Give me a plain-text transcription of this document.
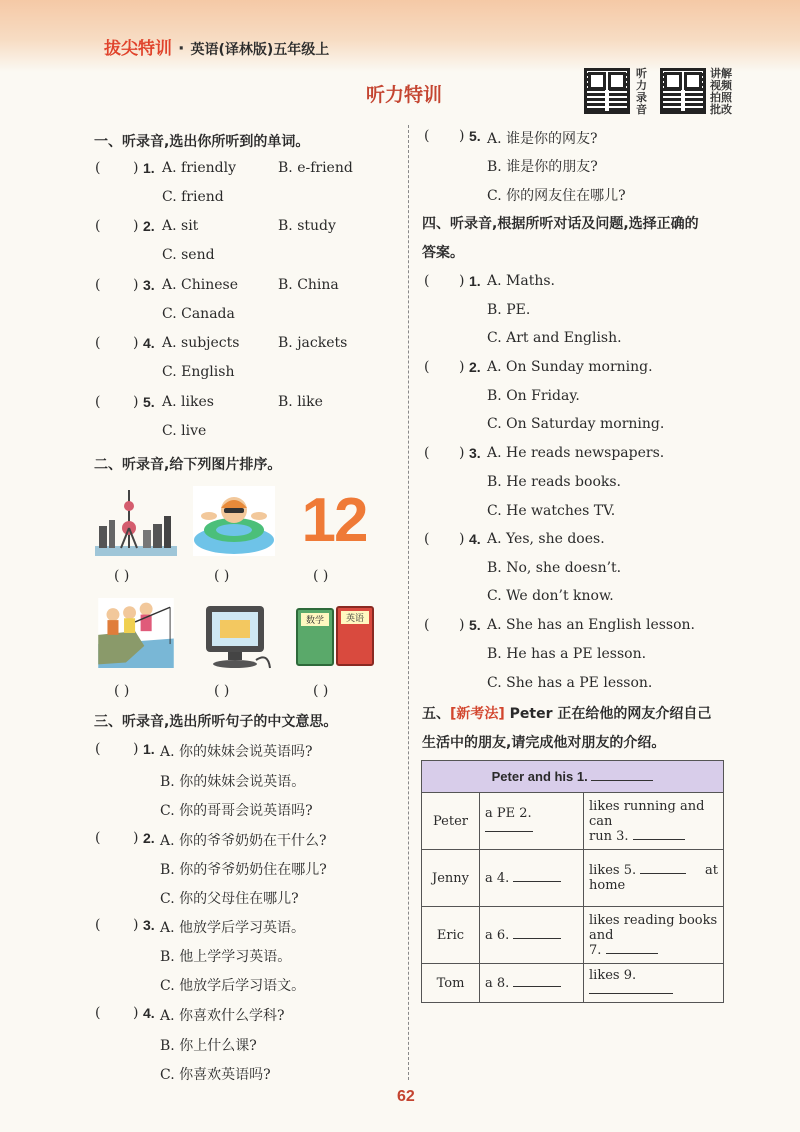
拔尖特训 · 英语(译林版)五年级上
听力特训
听力录音
讲解视频 拍照批改
一、听录音,选出你所听到的单词。
( ) 1. A. friendly	B. e-friend
C. friend
( ) 2. A. sit	B. study
C. send
( ) 3. A. Chinese	B. China
C. Canada
( ) 4. A. subjects	B. jackets
C. English
( ) 5. A. likes	B. like
C. live
二、听录音,给下列图片排序。
12
( )	( )	( )
数学	英语
( )	( )	( )
三、听录音,选出所听句子的中文意思。
( ) 1. A. 你的妹妹会说英语吗?
B. 你的妹妹会说英语。
C. 你的哥哥会说英语吗?
( ) 2. A. 你的爷爷奶奶在干什么?
B. 你的爷爷奶奶住在哪儿?
C. 你的父母住在哪儿?
( ) 3. A. 他放学后学习英语。
B. 他上学学习英语。
C. 他放学后学习语文。
( ) 4. A. 你喜欢什么学科?
B. 你上什么课?
C. 你喜欢英语吗?
( ) 5. A. 谁是你的网友?
B. 谁是你的朋友?
C. 你的网友住在哪儿?
四、听录音,根据所听对话及问题,选择正确的
答案。
( ) 1. A. Maths.
B. PE.
C. Art and English.
( ) 2. A. On Sunday morning.
B. On Friday.
C. On Saturday morning.
( ) 3. A. He reads newspapers.
B. He reads books.
C. He watches TV.
( ) 4. A. Yes, she does.
B. No, she doesn’t.
C. We don’t know.
( ) 5. A. She has an English lesson.
B. He has a PE lesson.
C. She has a PE lesson.
五、[新考法] Peter 正在给他的网友介绍自己
生活中的朋友,请完成他对朋友的介绍。
Peter and his 1.		
Peter	a PE 2.	likes running and can
run 3.

Jenny	a 4.	likes 5. at
home

Eric	a 6.	likes reading books and
7.

Tom	a 8.	likes 9.
62
